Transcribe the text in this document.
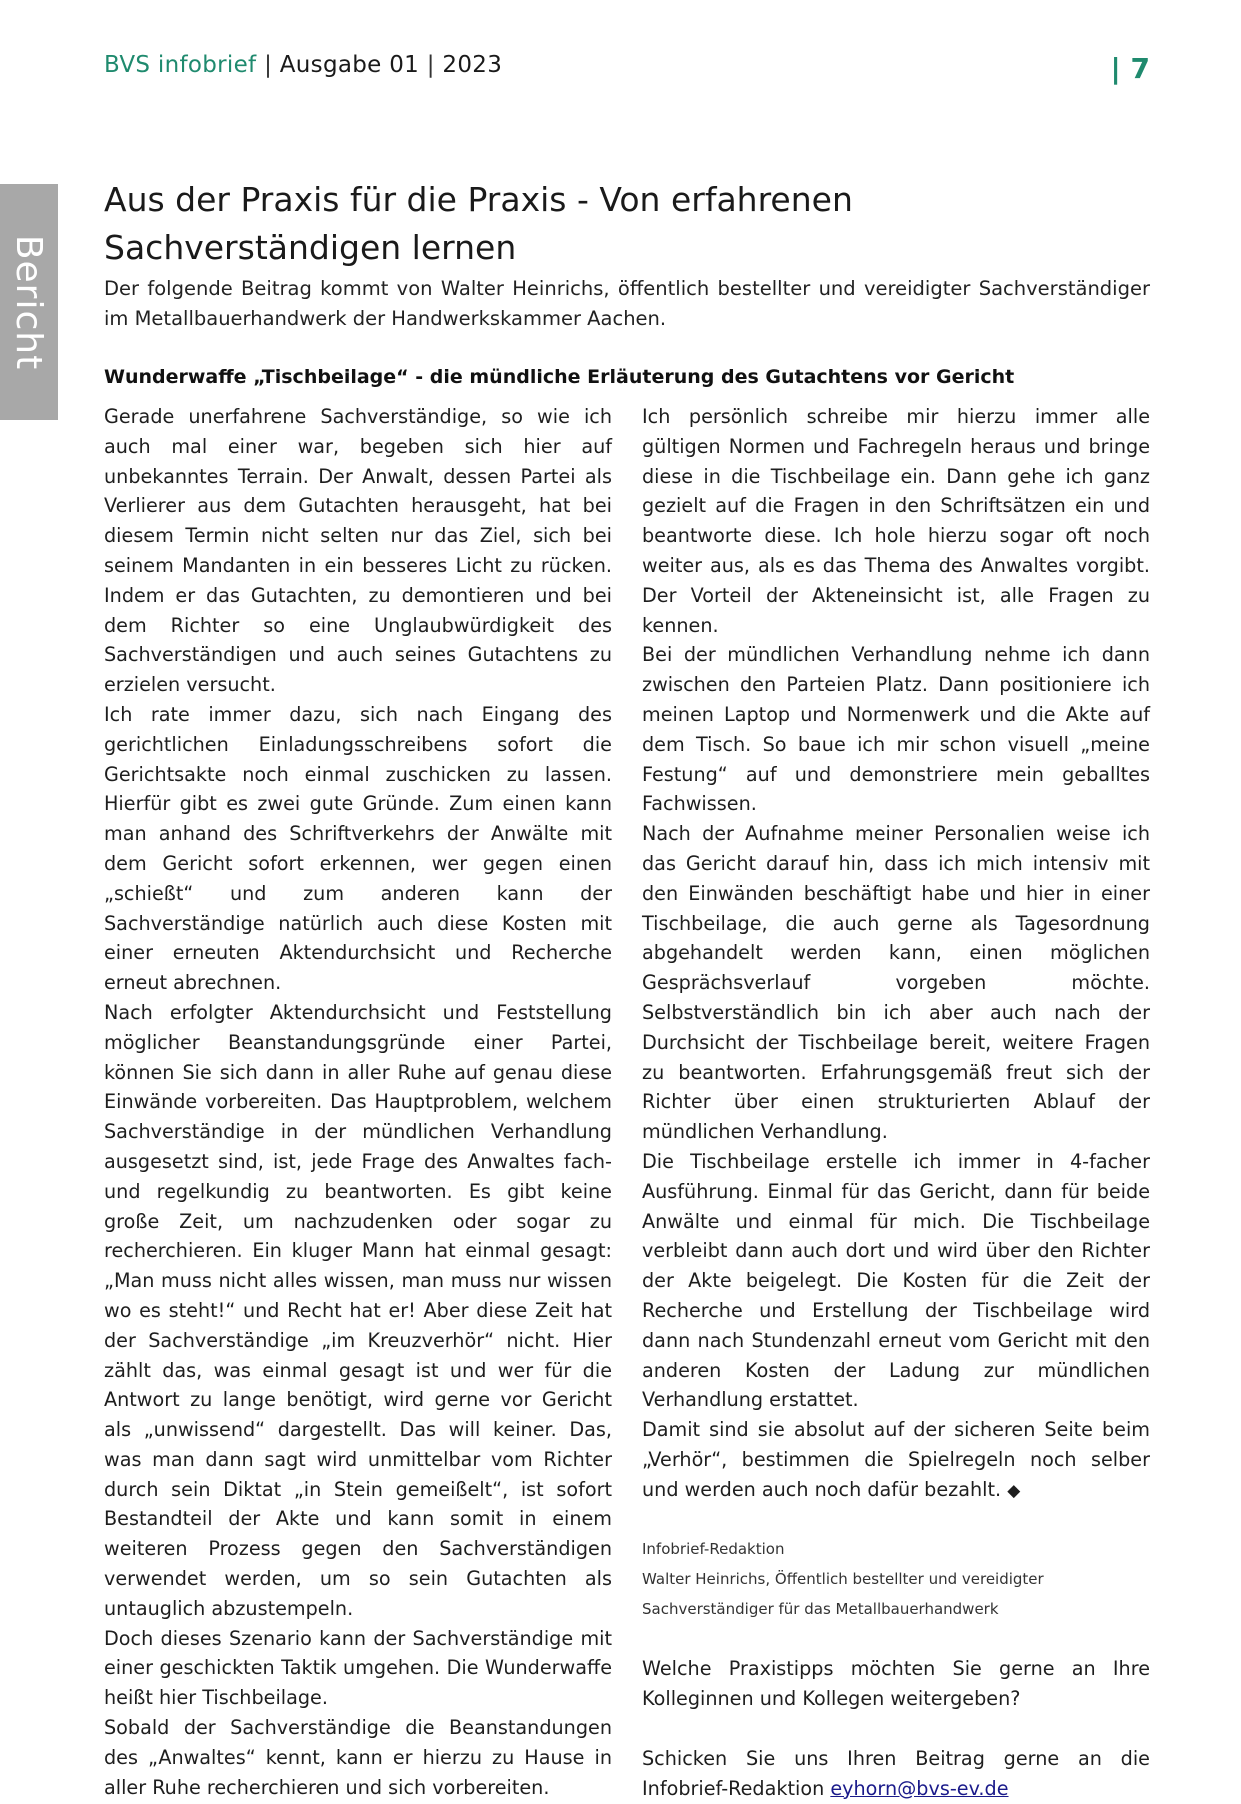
BVS infobrief | Ausgabe 01 | 2023	| 7
Bericht
Aus der Praxis für die Praxis - Von erfahrenen Sachverständigen lernen

Der folgende Beitrag kommt von Walter Heinrichs, öffentlich bestellter und vereidigter Sachverständiger im Metallbauerhandwerk der Handwerkskammer Aachen.

Wunderwaffe „Tischbeilage“ - die mündliche Erläuterung des Gutachtens vor Gericht

Gerade unerfahrene Sachverständige, so wie ich auch mal einer war, begeben sich hier auf unbekanntes Terrain. Der Anwalt, dessen Partei als Verlierer aus dem Gutachten herausgeht, hat bei diesem Termin nicht selten nur das Ziel, sich bei seinem Mandanten in ein besseres Licht zu rücken. Indem er das Gutachten, zu demontieren und bei dem Richter so eine Unglaubwürdigkeit des Sachverständigen und auch seines Gutachtens zu erzielen versucht.

Ich rate immer dazu, sich nach Eingang des gerichtlichen Einladungsschreibens sofort die Gerichtsakte noch einmal zuschicken zu lassen. Hierfür gibt es zwei gute Gründe. Zum einen kann man anhand des Schriftverkehrs der Anwälte mit dem Gericht sofort erkennen, wer gegen einen „schießt“ und zum anderen kann der Sachverständige natürlich auch diese Kosten mit einer erneuten Aktendurchsicht und Recherche erneut abrechnen.

Nach erfolgter Aktendurchsicht und Feststellung möglicher Beanstandungsgründe einer Partei, können Sie sich dann in aller Ruhe auf genau diese Einwände vorbereiten. Das Hauptproblem, welchem Sachverständige in der mündlichen Verhandlung ausgesetzt sind, ist, jede Frage des Anwaltes fach- und regelkundig zu beantworten. Es gibt keine große Zeit, um nachzudenken oder sogar zu recherchieren. Ein kluger Mann hat einmal gesagt: „Man muss nicht alles wissen, man muss nur wissen wo es steht!“ und Recht hat er! Aber diese Zeit hat der Sachverständige „im Kreuzverhör“ nicht. Hier zählt das, was einmal gesagt ist und wer für die Antwort zu lange benötigt, wird gerne vor Gericht als „unwissend“ dargestellt. Das will keiner. Das, was man dann sagt wird unmittelbar vom Richter durch sein Diktat „in Stein gemeißelt“, ist sofort Bestandteil der Akte und kann somit in einem weiteren Prozess gegen den Sachverständigen verwendet werden, um so sein Gutachten als untauglich abzustempeln.

Doch dieses Szenario kann der Sachverständige mit einer geschickten Taktik umgehen. Die Wunderwaffe heißt hier Tischbeilage.

Sobald der Sachverständige die Beanstandungen des „Anwaltes“ kennt, kann er hierzu zu Hause in aller Ruhe recherchieren und sich vorbereiten.

Ich persönlich schreibe mir hierzu immer alle gültigen Normen und Fachregeln heraus und bringe diese in die Tischbeilage ein. Dann gehe ich ganz gezielt auf die Fragen in den Schriftsätzen ein und beantworte diese. Ich hole hierzu sogar oft noch weiter aus, als es das Thema des Anwaltes vorgibt. Der Vorteil der Akteneinsicht ist, alle Fragen zu kennen.

Bei der mündlichen Verhandlung nehme ich dann zwischen den Parteien Platz. Dann positioniere ich meinen Laptop und Normenwerk und die Akte auf dem Tisch. So baue ich mir schon visuell „meine Festung“ auf und demonstriere mein geballtes Fachwissen.

Nach der Aufnahme meiner Personalien weise ich das Gericht darauf hin, dass ich mich intensiv mit den Einwänden beschäftigt habe und hier in einer Tischbeilage, die auch gerne als Tagesordnung abgehandelt werden kann, einen möglichen Gesprächsverlauf vorgeben möchte. Selbstverständlich bin ich aber auch nach der Durchsicht der Tischbeilage bereit, weitere Fragen zu beantworten. Erfahrungsgemäß freut sich der Richter über einen strukturierten Ablauf der mündlichen Verhandlung.

Die Tischbeilage erstelle ich immer in 4-facher Ausführung. Einmal für das Gericht, dann für beide Anwälte und einmal für mich. Die Tischbeilage verbleibt dann auch dort und wird über den Richter der Akte beigelegt. Die Kosten für die Zeit der Recherche und Erstellung der Tischbeilage wird dann nach Stundenzahl erneut vom Gericht mit den anderen Kosten der Ladung zur mündlichen Verhandlung erstattet.

Damit sind sie absolut auf der sicheren Seite beim „Verhör“, bestimmen die Spielregeln noch selber und werden auch noch dafür bezahlt. ◆

Infobrief-Redaktion

Walter Heinrichs, Öffentlich bestellter und vereidigter Sachverständiger für das Metallbauerhandwerk

Welche Praxistipps möchten Sie gerne an Ihre Kolleginnen und Kollegen weitergeben?

Schicken Sie uns Ihren Beitrag gerne an die Infobrief-Redaktion eyhorn@bvs-ev.de
